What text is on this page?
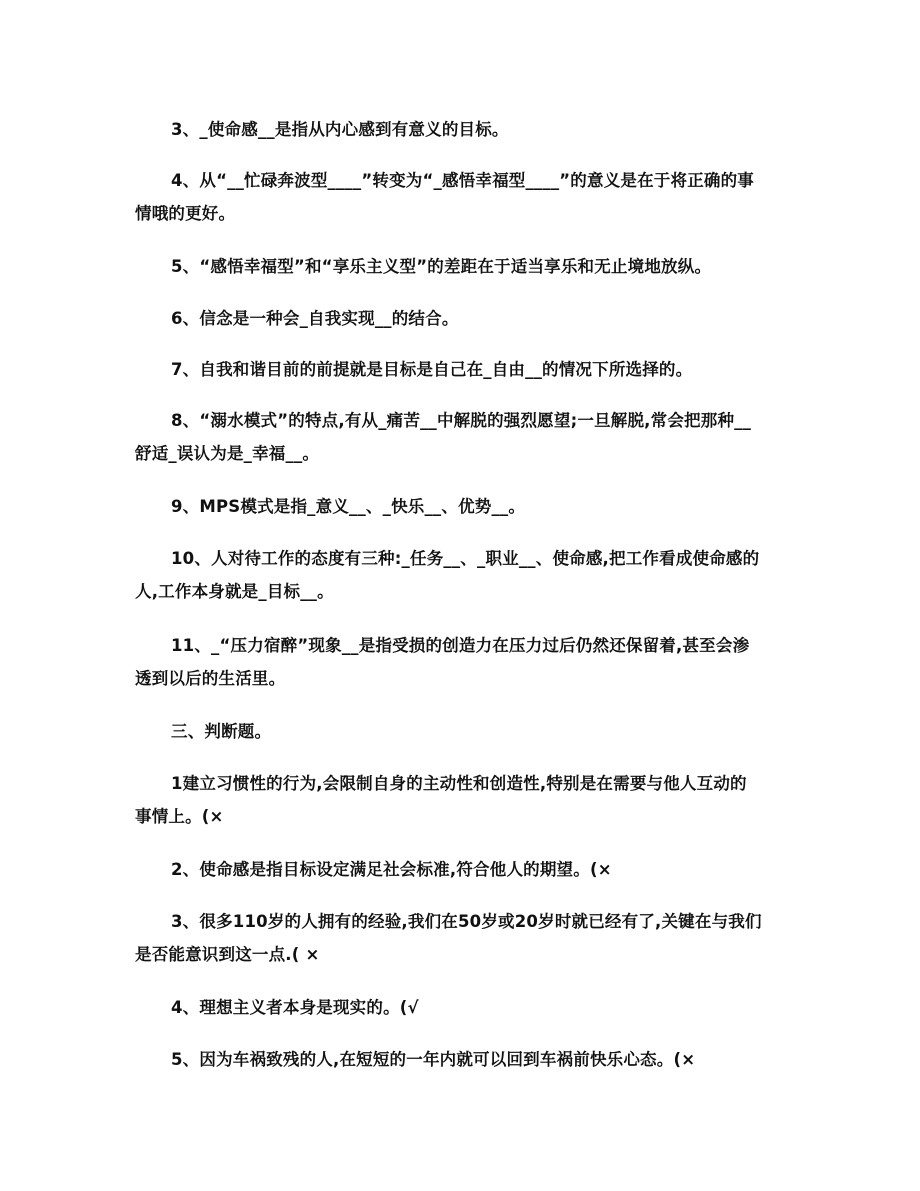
3、_使命感__是指从内心感到有意义的目标。
4、从“__忙碌奔波型____”转变为“_感悟幸福型____”的意义是在于将正确的事
情哦的更好。
5、“感悟幸福型”和“享乐主义型”的差距在于适当享乐和无止境地放纵。
6、信念是一种会_自我实现__的结合。
7、自我和谐目前的前提就是目标是自己在_自由__的情况下所选择的。
8、“溺水模式”的特点,有从_痛苦__中解脱的强烈愿望;一旦解脱,常会把那种__
舒适_误认为是_幸福__。
9、MPS模式是指_意义__、_快乐__、优势__。
10、人对待工作的态度有三种:_任务__、_职业__、使命感,把工作看成使命感的
人,工作本身就是_目标__。
11、_“压力宿醉”现象__是指受损的创造力在压力过后仍然还保留着,甚至会渗
透到以后的生活里。
三、判断题。
1建立习惯性的行为,会限制自身的主动性和创造性,特别是在需要与他人互动的
事情上。(×
2、使命感是指目标设定满足社会标准,符合他人的期望。(×
3、很多110岁的人拥有的经验,我们在50岁或20岁时就已经有了,关键在与我们
是否能意识到这一点.( ×
4、理想主义者本身是现实的。(√
5、因为车祸致残的人,在短短的一年内就可以回到车祸前快乐心态。(×
